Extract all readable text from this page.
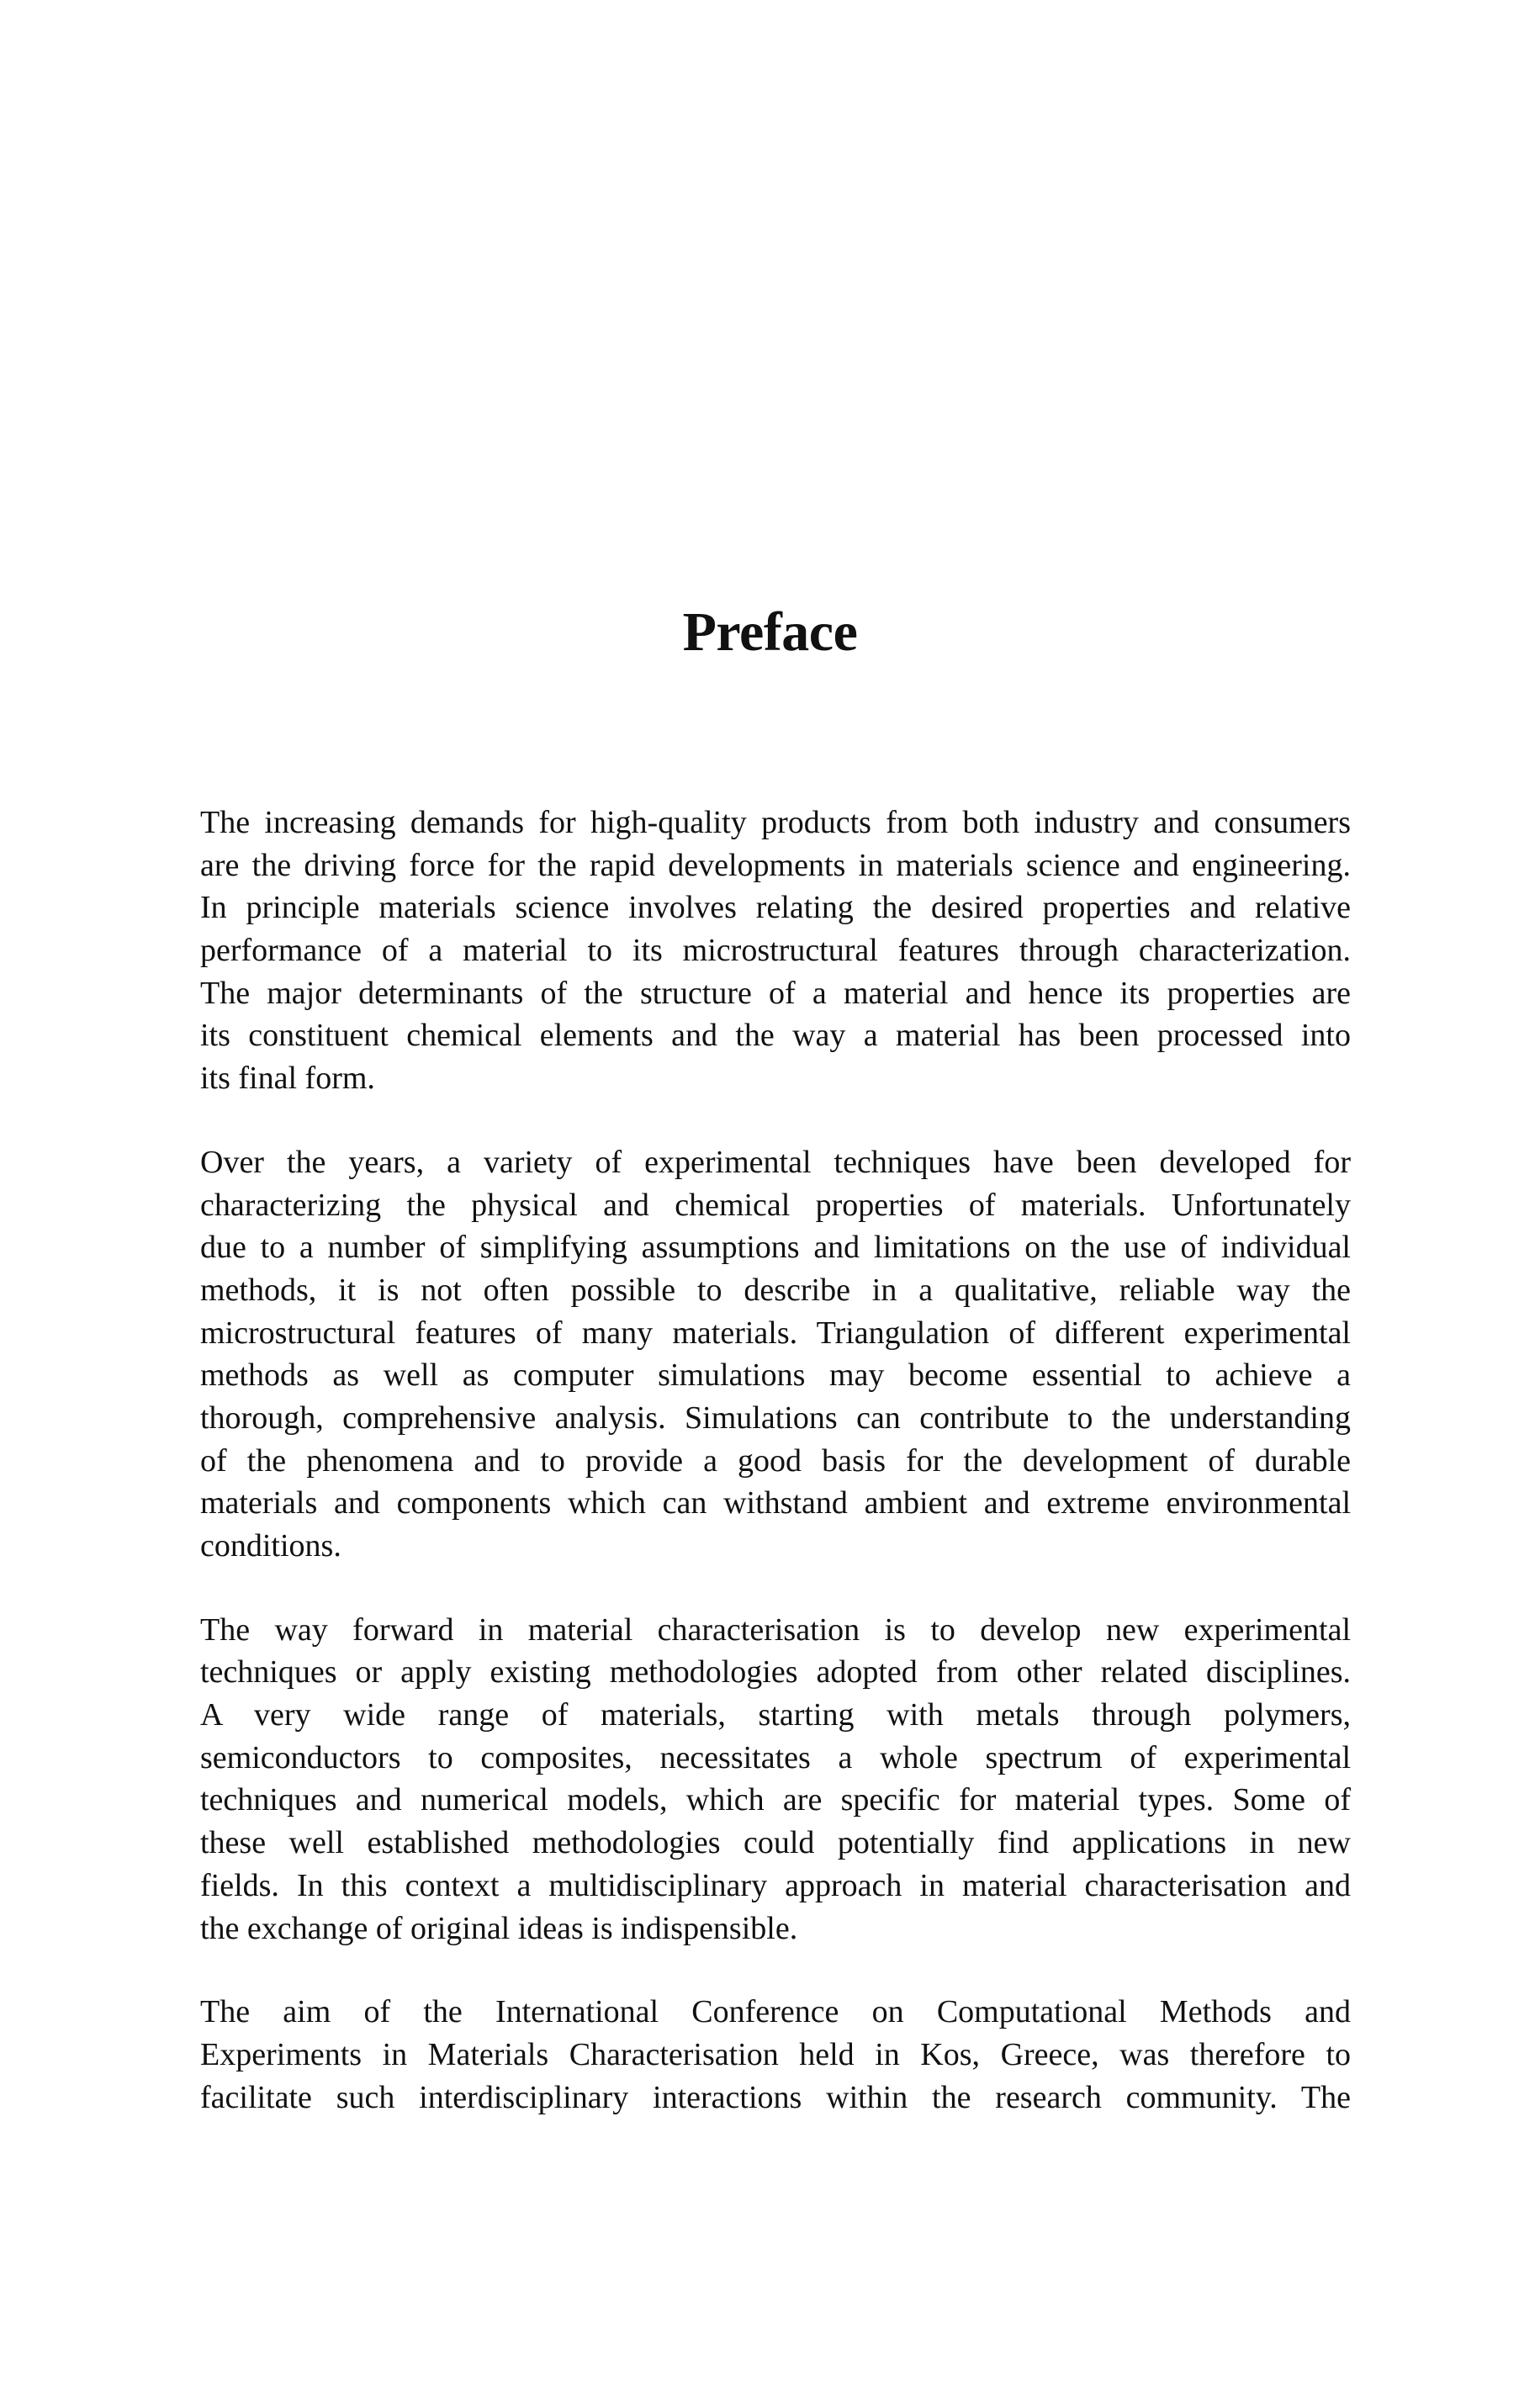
Preface

The increasing demands for high-quality products from both industry and consumers
are the driving force for the rapid developments in materials science and engineering.
In principle materials science involves relating the desired properties and relative
performance of a material to its microstructural features through characterization.
The major determinants of the structure of a material and hence its properties are
its constituent chemical elements and the way a material has been processed into
its final form.

Over the years, a variety of experimental techniques have been developed for
characterizing the physical and chemical properties of materials. Unfortunately
due to a number of simplifying assumptions and limitations on the use of individual
methods, it is not often possible to describe in a qualitative, reliable way the
microstructural features of many materials. Triangulation of different experimental
methods as well as computer simulations may become essential to achieve a
thorough, comprehensive analysis. Simulations can contribute to the understanding
of the phenomena and to provide a good basis for the development of durable
materials and components which can withstand ambient and extreme environmental
conditions.

The way forward in material characterisation is to develop new experimental
techniques or apply existing methodologies adopted from other related disciplines.
A very wide range of materials, starting with metals through polymers,
semiconductors to composites, necessitates a whole spectrum of experimental
techniques and numerical models, which are specific for material types. Some of
these well established methodologies could potentially find applications in new
fields. In this context a multidisciplinary approach in material characterisation and
the exchange of original ideas is indispensible.

The aim of the International Conference on Computational Methods and
Experiments in Materials Characterisation held in Kos, Greece, was therefore to
facilitate such interdisciplinary interactions within the research community. The
